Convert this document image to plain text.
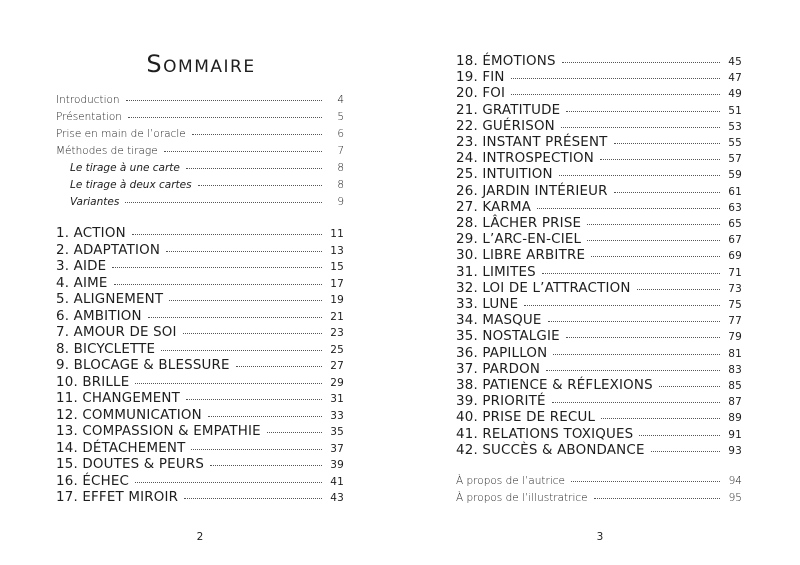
SOMMAIRE
Introduction	4
Présentation	5
Prise en main de l’oracle	6
Méthodes de tirage	7
Le tirage à une carte	8
Le tirage à deux cartes	8
Variantes	9
1. ACTION	11
2. ADAPTATION	13
3. AIDE	15
4. AIME	17
5. ALIGNEMENT	19
6. AMBITION	21
7. AMOUR DE SOI	23
8. BICYCLETTE	25
9. BLOCAGE & BLESSURE	27
10. BRILLE	29
11. CHANGEMENT	31
12. COMMUNICATION	33
13. COMPASSION & EMPATHIE	35
14. DÉTACHEMENT	37
15. DOUTES & PEURS	39
16. ÉCHEC	41
17. EFFET MIROIR	43
2
18. ÉMOTIONS	45
19. FIN	47
20. FOI	49
21. GRATITUDE	51
22. GUÉRISON	53
23. INSTANT PRÉSENT	55
24. INTROSPECTION	57
25. INTUITION	59
26. JARDIN INTÉRIEUR	61
27. KARMA	63
28. LÂCHER PRISE	65
29. L’ARC-EN-CIEL	67
30. LIBRE ARBITRE	69
31. LIMITES	71
32. LOI DE L’ATTRACTION	73
33. LUNE	75
34. MASQUE	77
35. NOSTALGIE	79
36. PAPILLON	81
37. PARDON	83
38. PATIENCE & RÉFLEXIONS	85
39. PRIORITÉ	87
40. PRISE DE RECUL	89
41. RELATIONS TOXIQUES	91
42. SUCCÈS & ABONDANCE	93
À propos de l’autrice	94
À propos de l’illustratrice	95
3
